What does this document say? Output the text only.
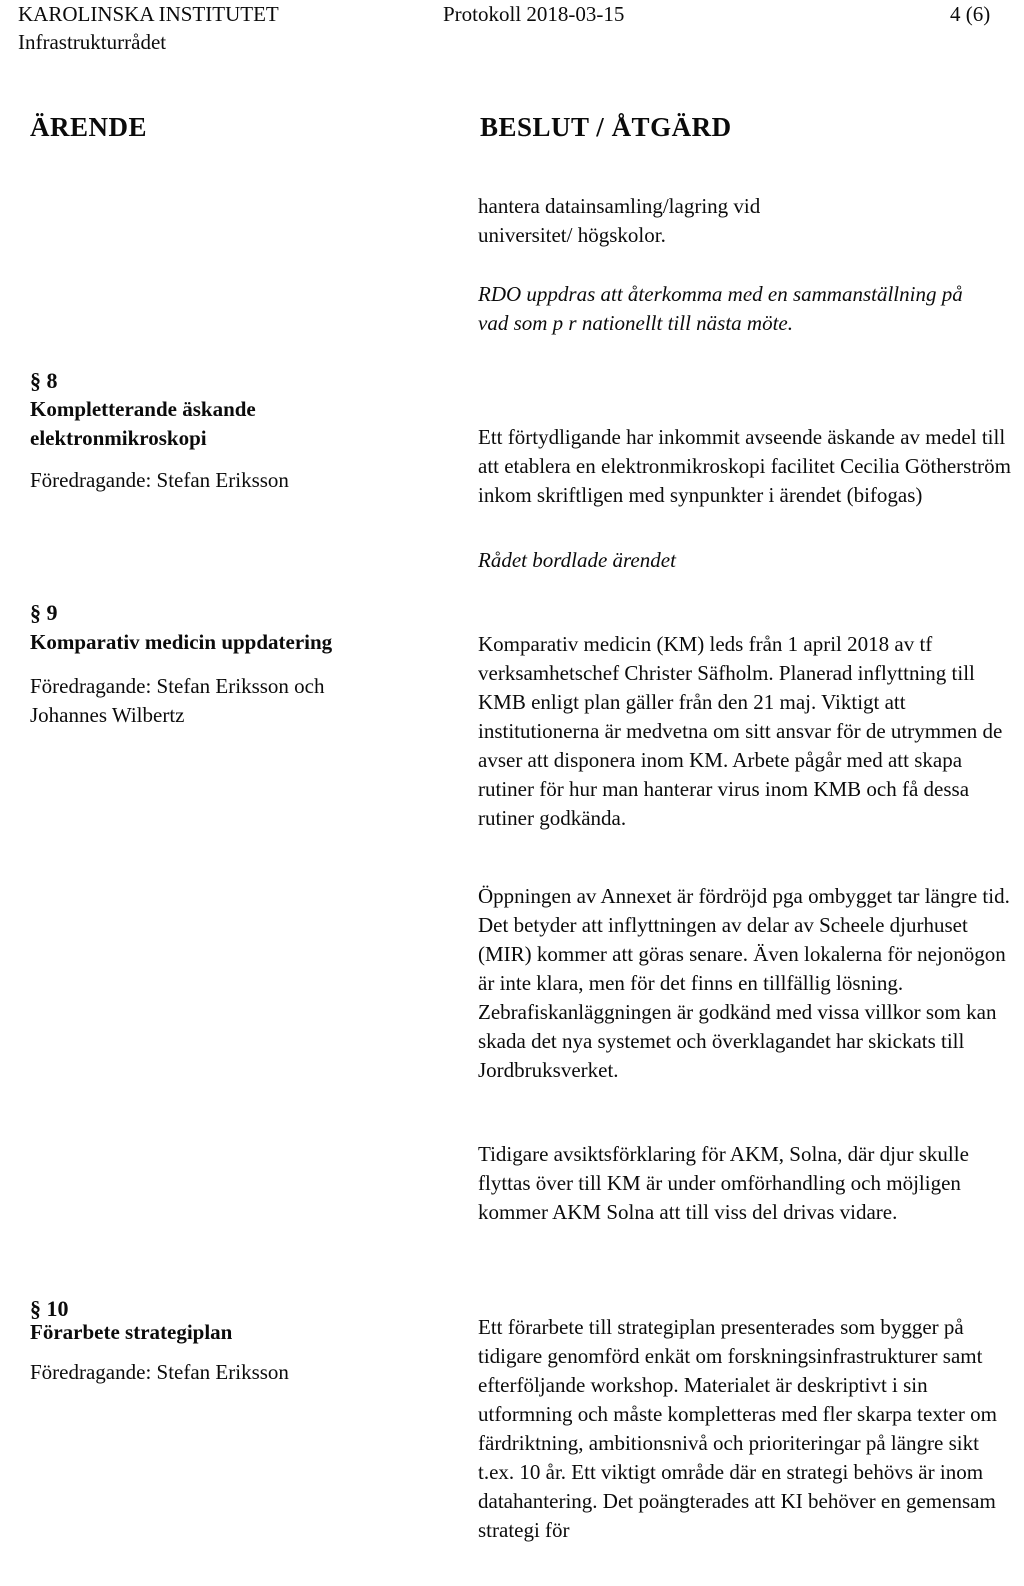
KAROLINSKA INSTITUTET
Infrastrukturrådet
Protokoll 2018-03-15	4 (6)
ÄRENDE	BESLUT / ÅTGÄRD

hantera datainsamling/lagring vid universitet/ högskolor.

RDO uppdras att återkomma med en sammanställning på vad som p r nationellt till nästa möte.

§ 8
Kompletterande äskande elektronmikroskopi
Föredragande: Stefan Eriksson

Ett förtydligande har inkommit avseende äskande av medel till att etablera en elektronmikroskopi facilitet Cecilia Götherström inkom skriftligen med synpunkter i ärendet (bifogas)

Rådet bordlade ärendet

§ 9
Komparativ medicin uppdatering
Föredragande: Stefan Eriksson och Johannes Wilbertz

Komparativ medicin (KM) leds från 1 april 2018 av tf verksamhetschef Christer Säfholm. Planerad inflyttning till KMB enligt plan gäller från den 21 maj. Viktigt att institutionerna är medvetna om sitt ansvar för de utrymmen de avser att disponera inom KM. Arbete pågår med att skapa rutiner för hur man hanterar virus inom KMB och få dessa rutiner godkända.

Öppningen av Annexet är fördröjd pga ombygget tar längre tid. Det betyder att inflyttningen av delar av Scheele djurhuset (MIR) kommer att göras senare. Även lokalerna för nejonögon är inte klara, men för det finns en tillfällig lösning. Zebrafiskanläggningen är godkänd med vissa villkor som kan skada det nya systemet och överklagandet har skickats till Jordbruksverket.

Tidigare avsiktsförklaring för AKM, Solna, där djur skulle flyttas över till KM är under omförhandling och möjligen kommer AKM Solna att till viss del drivas vidare.

§ 10
Förarbete strategiplan
Föredragande: Stefan Eriksson

Ett förarbete till strategiplan presenterades som bygger på tidigare genomförd enkät om forskningsinfrastrukturer samt efterföljande workshop. Materialet är deskriptivt i sin utformning och måste kompletteras med fler skarpa texter om färdriktning, ambitionsnivå och prioriteringar på längre sikt t.ex. 10 år. Ett viktigt område där en strategi behövs är inom datahantering. Det poängterades att KI behöver en gemensam strategi för
